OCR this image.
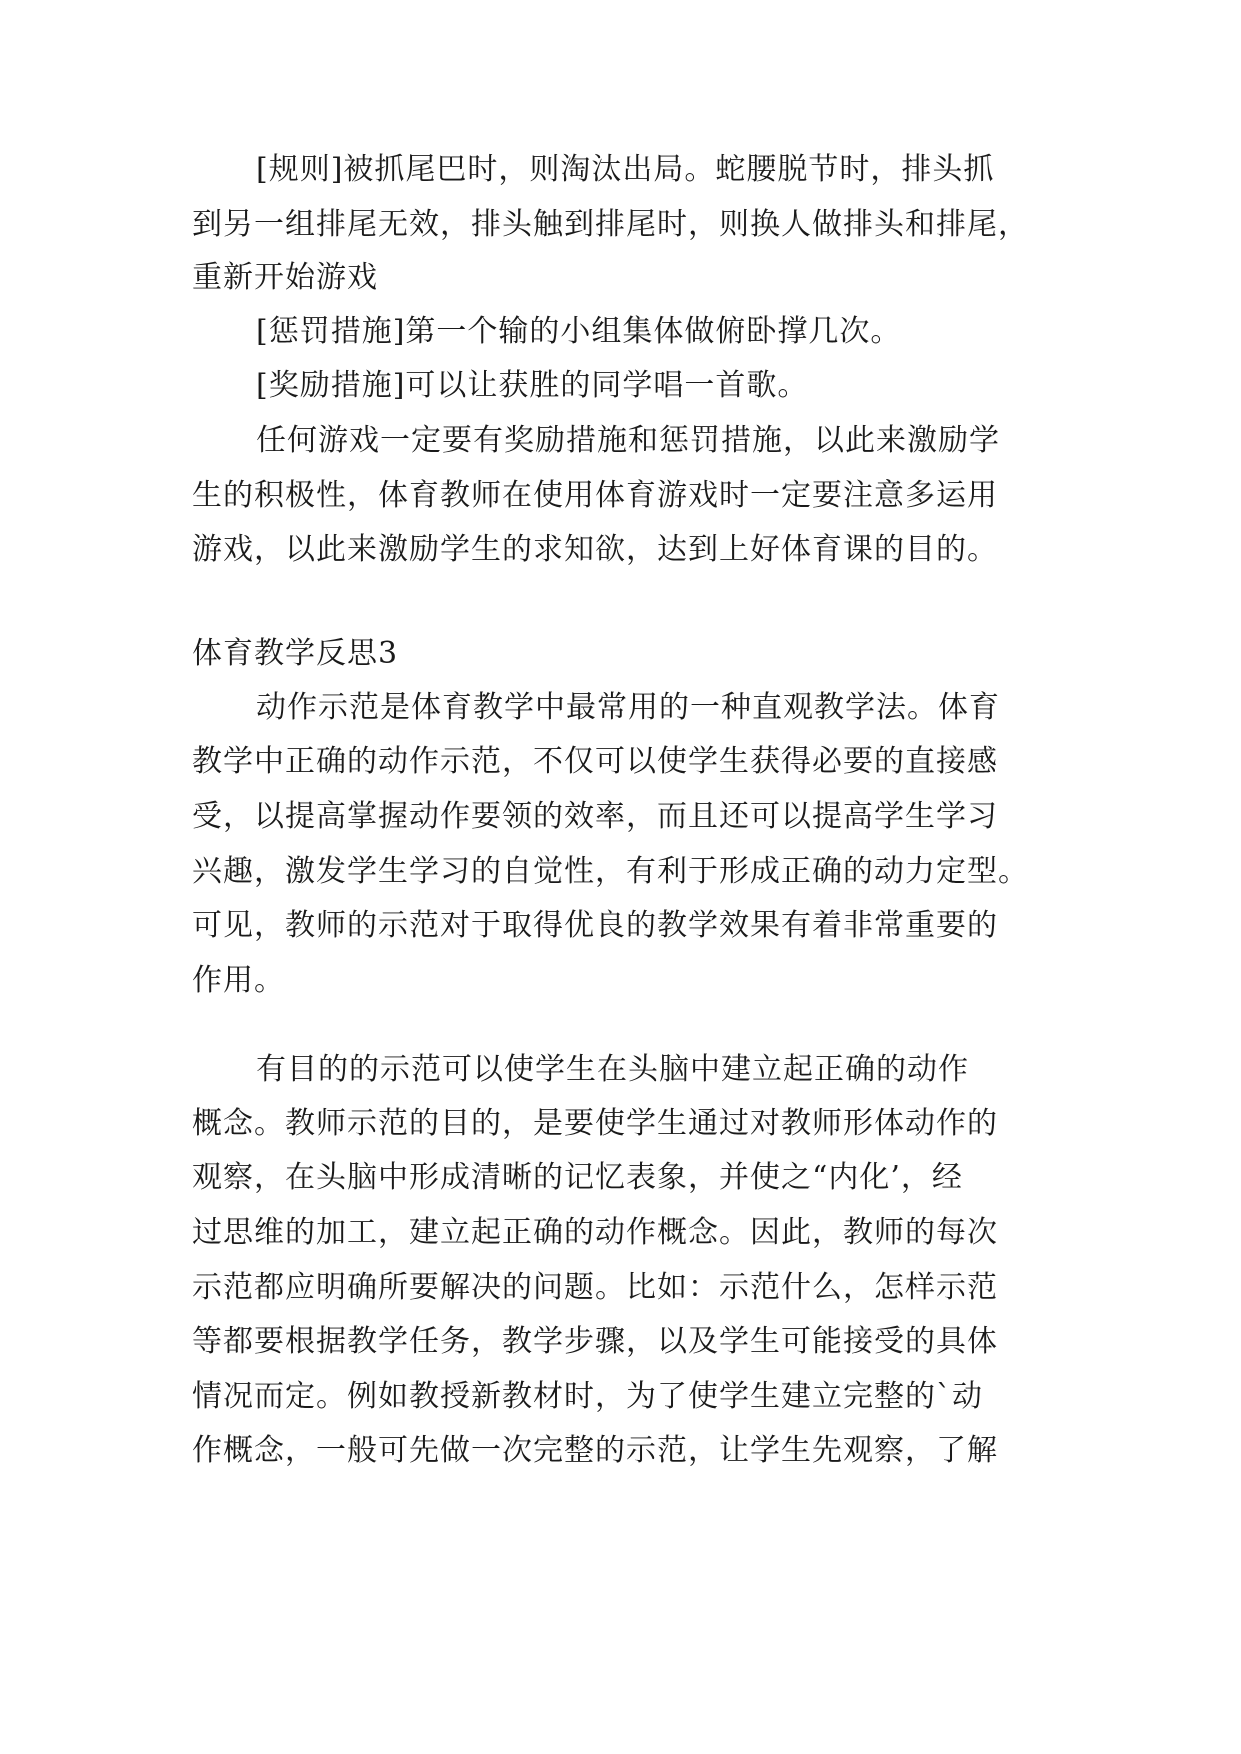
[规则]被抓尾巴时，则淘汰出局。蛇腰脱节时，排头抓
到另一组排尾无效，排头触到排尾时，则换人做排头和排尾，
重新开始游戏
[惩罚措施]第一个输的小组集体做俯卧撑几次。
[奖励措施]可以让获胜的同学唱一首歌。
任何游戏一定要有奖励措施和惩罚措施，以此来激励学
生的积极性，体育教师在使用体育游戏时一定要注意多运用
游戏，以此来激励学生的求知欲，达到上好体育课的目的。
体育教学反思3
动作示范是体育教学中最常用的一种直观教学法。体育
教学中正确的动作示范，不仅可以使学生获得必要的直接感
受，以提高掌握动作要领的效率，而且还可以提高学生学习
兴趣，激发学生学习的自觉性，有利于形成正确的动力定型。
可见，教师的示范对于取得优良的教学效果有着非常重要的
作用。
有目的的示范可以使学生在头脑中建立起正确的动作
概念。教师示范的目的，是要使学生通过对教师形体动作的
观察，在头脑中形成清晰的记忆表象，并使之“内化’，经
过思维的加工，建立起正确的动作概念。因此，教师的每次
示范都应明确所要解决的问题。比如：示范什么，怎样示范
等都要根据教学任务，教学步骤，以及学生可能接受的具体
情况而定。例如教授新教材时，为了使学生建立完整的`动
作概念，一般可先做一次完整的示范，让学生先观察，了解
